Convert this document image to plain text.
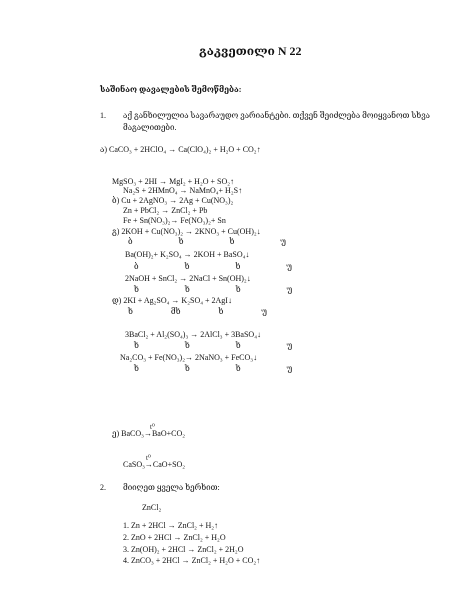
გაკვეთილი N 22
საშინაო დავალების შემოწმება:
1. აქ განხილულია სავარაუდო ვარიანტები. თქვენ შეიძლება მოიყვანოთ სხვა
მაგალითები.
ა) CaCO₃ + 2HClO₄ → Ca(ClO₄)₂ + H₂O + CO₂↑
MgSO₃ + 2HI → MgI₂ + H₂O + SO₂↑
Na₂S + 2HMnO₄ → NaMnO₄+ H₂S↑
ბ) Cu + 2AgNO₃ → 2Ag + Cu(NO₃)₂
Zn + PbCl₂ → ZnCl₂ + Pb
Fe + Sn(NO₃)₂→ Fe(NO₃)₂+ Sn
გ) 2KOH + Cu(NO₃)₂ → 2KNO₃ + Cu(OH)₂↓
ბ ხ ხ უ
Ba(OH)₂+ K₂SO₄ → 2KOH + BaSO₄↓
ბ ხ ხ უ
2NaOH + SnCl₂ → 2NaCl + Sn(OH)₂↓
ხ ხ ხ უ
დ) 2KI + Ag₂SO₄ → K₂SO₄ + 2AgI↓
ხ მხ ხ უ
3BaCl₂ + Al₂(SO₄)₃ → 2AlCl₃ + 3BaSO₄↓
ხ ხ ხ უ
Na₂CO₃ + Fe(NO₃)₂→ 2NaNO₃ + FeCO₃↓
ხ ხ ხ უ
t⁰
ე) BaCO₃→BaO+CO₂
t⁰
CaSO₃→CaO+SO₂
2. მიიღეთ ყველა ხერხით:
ZnCl₂
1. Zn + 2HCl → ZnCl₂ + H₂↑
2. ZnO + 2HCl → ZnCl₂ + H₂O
3. Zn(OH)₂ + 2HCl → ZnCl₂ + 2H₂O
4. ZnCO₃ + 2HCl → ZnCl₂ + H₂O + CO₂↑
